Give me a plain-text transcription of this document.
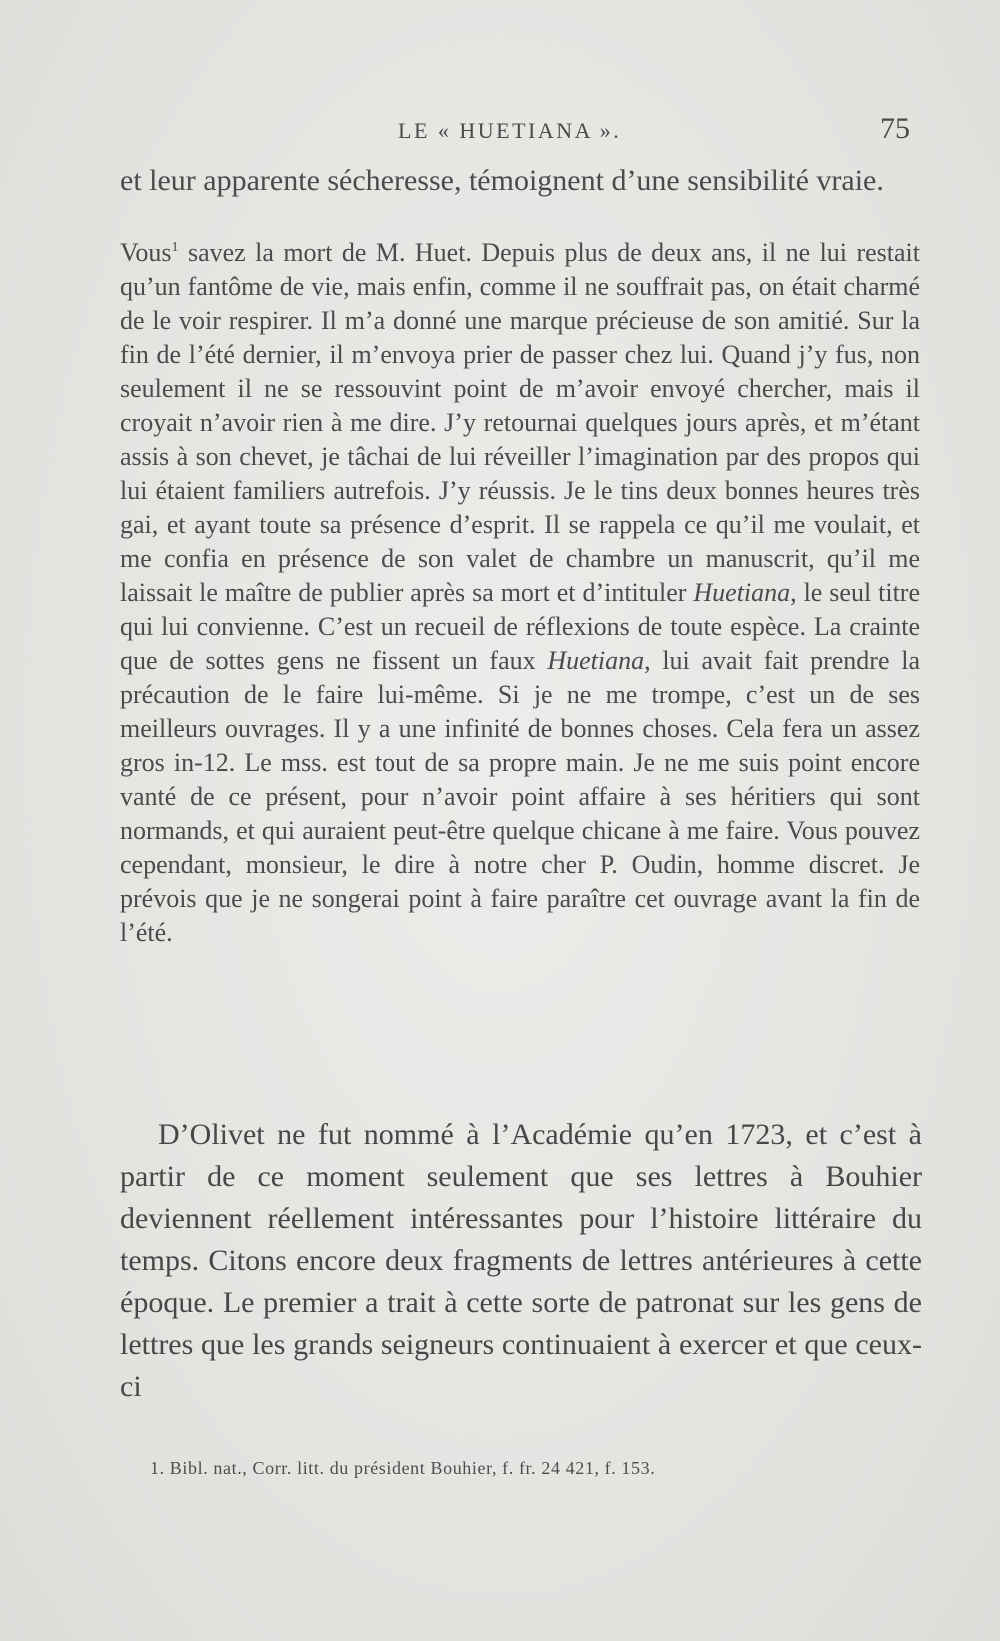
LE « HUETIANA ».	75

et leur apparente sécheresse, témoignent d’une sensibilité vraie.

Vous$^1$ savez la mort de M. Huet. Depuis plus de deux ans, il ne lui restait qu’un fantôme de vie, mais enfin, comme il ne souffrait pas, on était charmé de le voir respirer. Il m’a donné une marque précieuse de son amitié. Sur la fin de l’été dernier, il m’envoya prier de passer chez lui. Quand j’y fus, non seulement il ne se ressouvint point de m’avoir envoyé chercher, mais il croyait n’avoir rien à me dire. J’y retournai quelques jours après, et m’étant assis à son chevet, je tâchai de lui réveiller l’imagination par des propos qui lui étaient familiers autrefois. J’y réussis. Je le tins deux bonnes heures très gai, et ayant toute sa présence d’esprit. Il se rappela ce qu’il me voulait, et me confia en présence de son valet de chambre un manuscrit, qu’il me laissait le maître de publier après sa mort et d’intituler Huetiana, le seul titre qui lui convienne. C’est un recueil de réflexions de toute espèce. La crainte que de sottes gens ne fissent un faux Huetiana, lui avait fait prendre la précaution de le faire lui-même. Si je ne me trompe, c’est un de ses meilleurs ouvrages. Il y a une infinité de bonnes choses. Cela fera un assez gros in-12. Le mss. est tout de sa propre main. Je ne me suis point encore vanté de ce présent, pour n’avoir point affaire à ses héritiers qui sont normands, et qui auraient peut-être quelque chicane à me faire. Vous pouvez cependant, monsieur, le dire à notre cher P. Oudin, homme discret. Je prévois que je ne songerai point à faire paraître cet ouvrage avant la fin de l’été.

D’Olivet ne fut nommé à l’Académie qu’en 1723, et c’est à partir de ce moment seulement que ses lettres à Bouhier deviennent réellement intéressantes pour l’histoire littéraire du temps. Citons encore deux fragments de lettres antérieures à cette époque. Le premier a trait à cette sorte de patronat sur les gens de lettres que les grands seigneurs continuaient à exercer et que ceux-ci

1. Bibl. nat., Corr. litt. du président Bouhier, f. fr. 24 421, f. 153.
